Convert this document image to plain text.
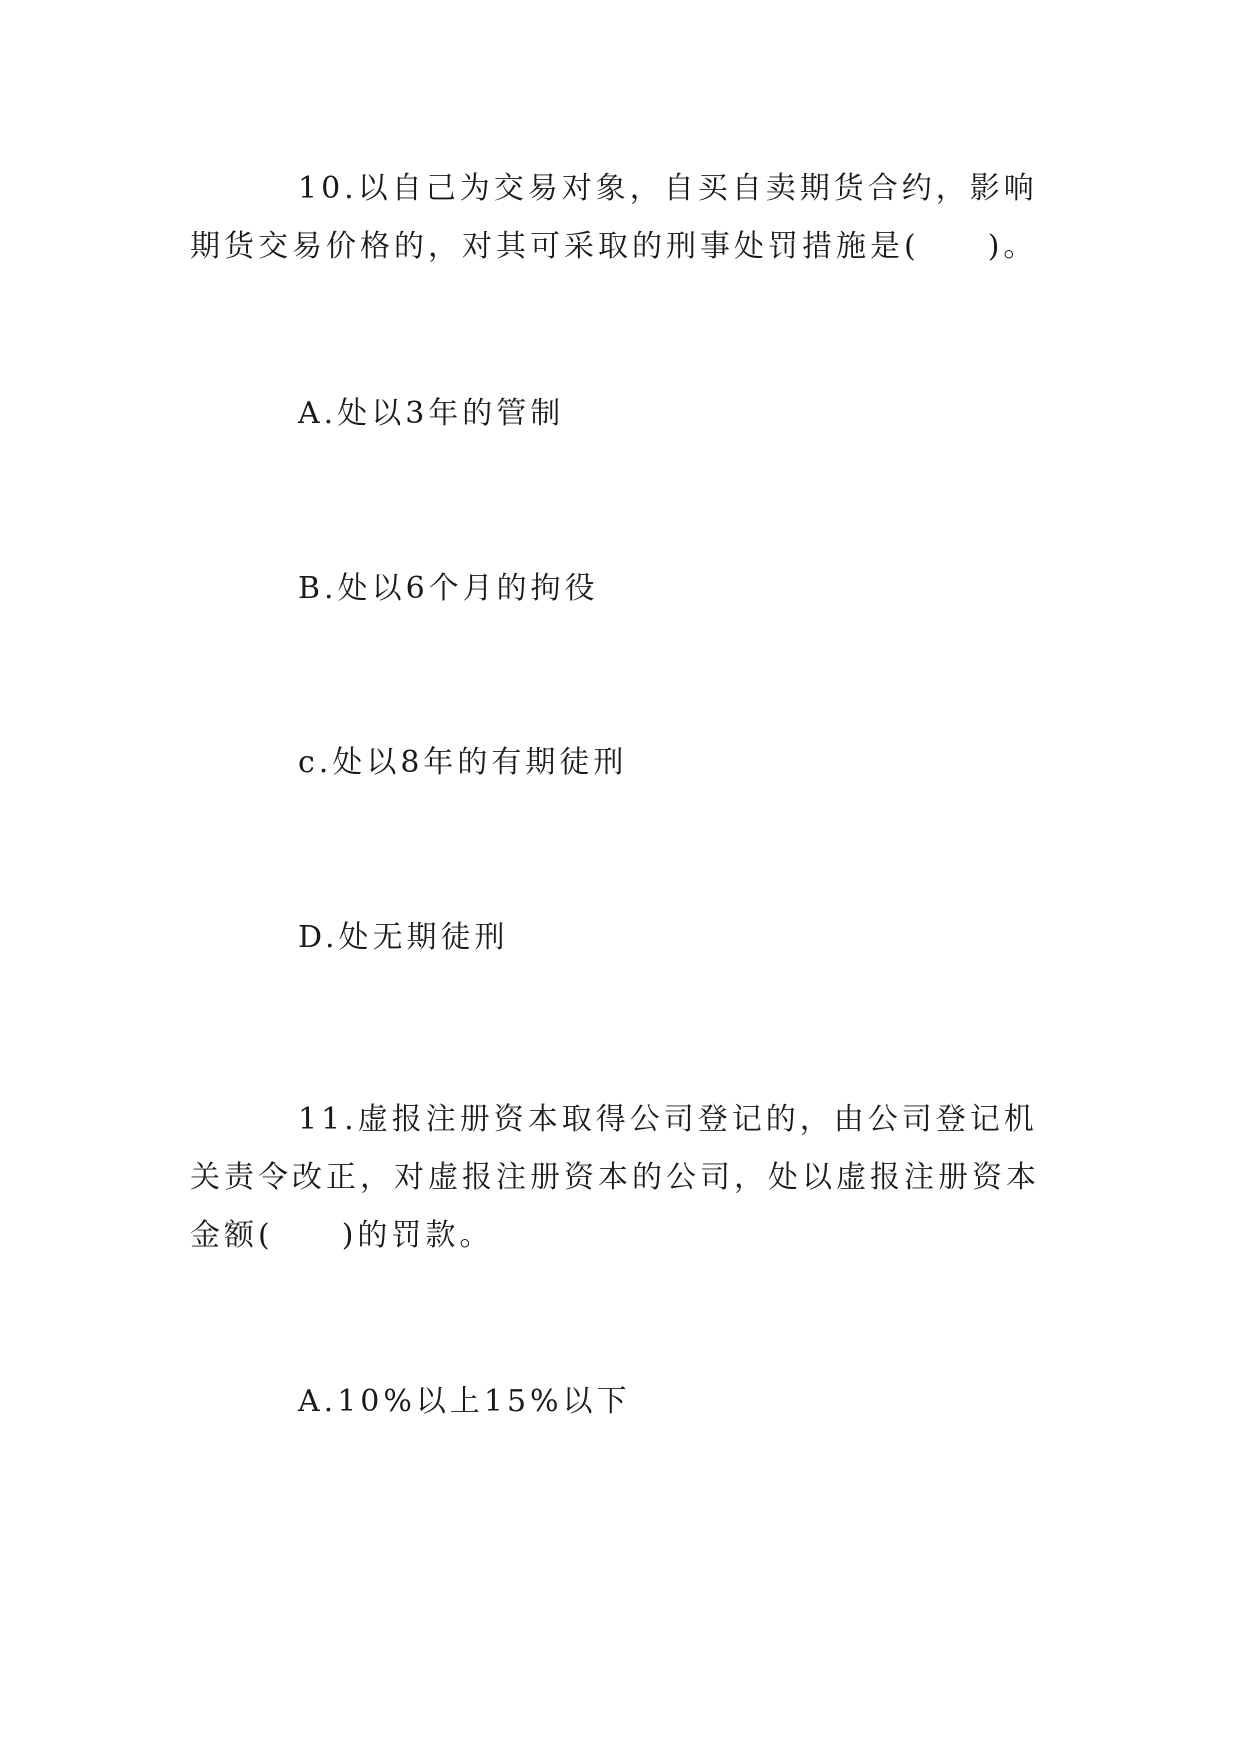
10.以自己为交易对象，自买自卖期货合约，影响期货交易价格的，对其可采取的刑事处罚措施是(　　)。

A.处以3年的管制

B.处以6个月的拘役

c.处以8年的有期徒刑

D.处无期徒刑

11.虚报注册资本取得公司登记的，由公司登记机关责令改正，对虚报注册资本的公司，处以虚报注册资本金额(　　)的罚款。

A.10%以上15%以下
